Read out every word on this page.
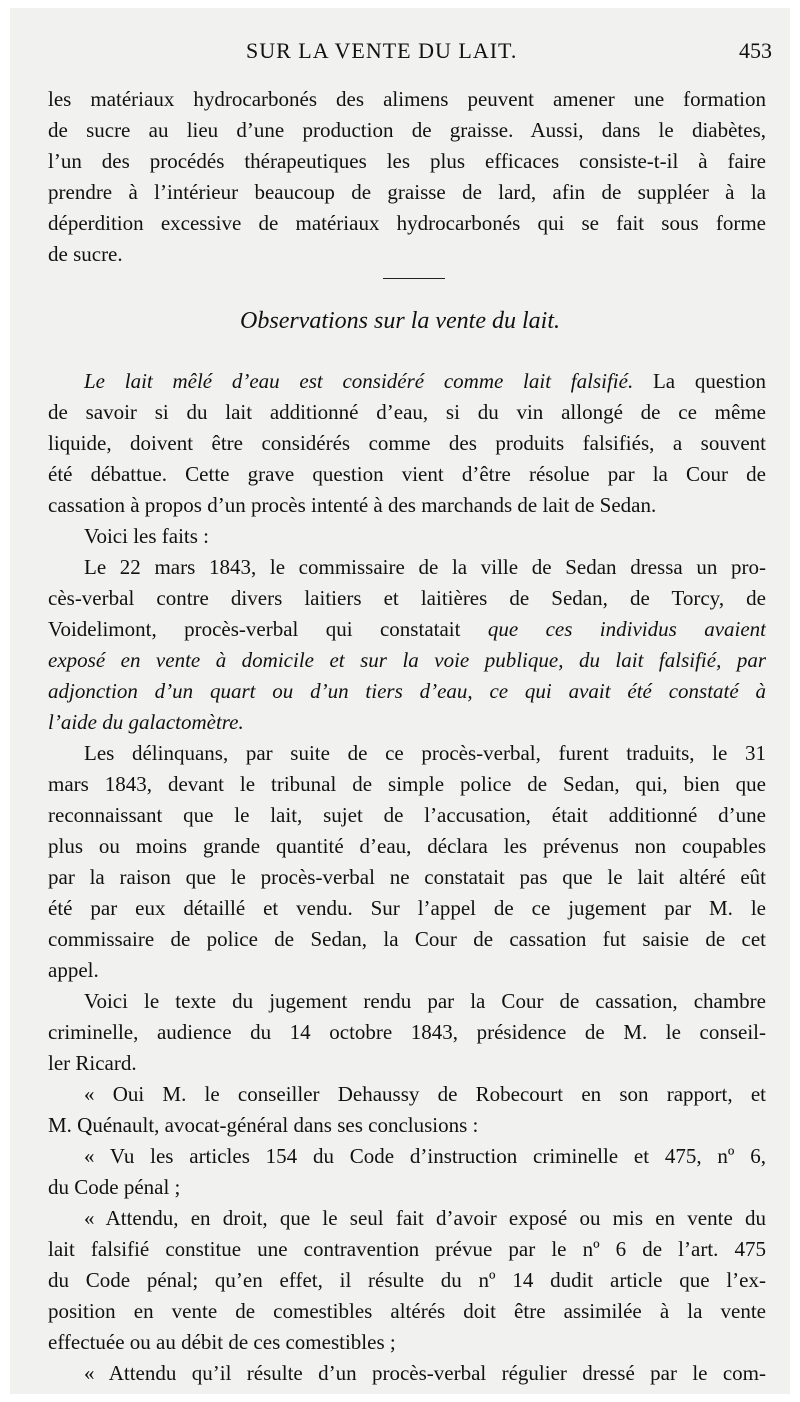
SUR LA VENTE DU LAIT.	453
les matériaux hydrocarbonés des alimens peuvent amener une formation
de sucre au lieu d’une production de graisse. Aussi, dans le diabètes,
l’un des procédés thérapeutiques les plus efficaces consiste-t-il à faire
prendre à l’intérieur beaucoup de graisse de lard, afin de suppléer à la
déperdition excessive de matériaux hydrocarbonés qui se fait sous forme
de sucre.
Observations sur la vente du lait.
Le lait mêlé d’eau est considéré comme lait falsifié. La question
de savoir si du lait additionné d’eau, si du vin allongé de ce même
liquide, doivent être considérés comme des produits falsifiés, a souvent
été débattue. Cette grave question vient d’être résolue par la Cour de
cassation à propos d’un procès intenté à des marchands de lait de Sedan.
Voici les faits :
Le 22 mars 1843, le commissaire de la ville de Sedan dressa un pro-
cès-verbal contre divers laitiers et laitières de Sedan, de Torcy, de
Voidelimont, procès-verbal qui constatait que ces individus avaient
exposé en vente à domicile et sur la voie publique, du lait falsifié, par
adjonction d’un quart ou d’un tiers d’eau, ce qui avait été constaté à
l’aide du galactomètre.
Les délinquans, par suite de ce procès-verbal, furent traduits, le 31
mars 1843, devant le tribunal de simple police de Sedan, qui, bien que
reconnaissant que le lait, sujet de l’accusation, était additionné d’une
plus ou moins grande quantité d’eau, déclara les prévenus non coupables
par la raison que le procès-verbal ne constatait pas que le lait altéré eût
été par eux détaillé et vendu. Sur l’appel de ce jugement par M. le
commissaire de police de Sedan, la Cour de cassation fut saisie de cet
appel.
Voici le texte du jugement rendu par la Cour de cassation, chambre
criminelle, audience du 14 octobre 1843, présidence de M. le conseil-
ler Ricard.
« Oui M. le conseiller Dehaussy de Robecourt en son rapport, et
M. Quénault, avocat-général dans ses conclusions :
« Vu les articles 154 du Code d’instruction criminelle et 475, nº 6,
du Code pénal ;
« Attendu, en droit, que le seul fait d’avoir exposé ou mis en vente du
lait falsifié constitue une contravention prévue par le nº 6 de l’art. 475
du Code pénal; qu’en effet, il résulte du nº 14 dudit article que l’ex-
position en vente de comestibles altérés doit être assimilée à la vente
effectuée ou au débit de ces comestibles ;
« Attendu qu’il résulte d’un procès-verbal régulier dressé par le com-
